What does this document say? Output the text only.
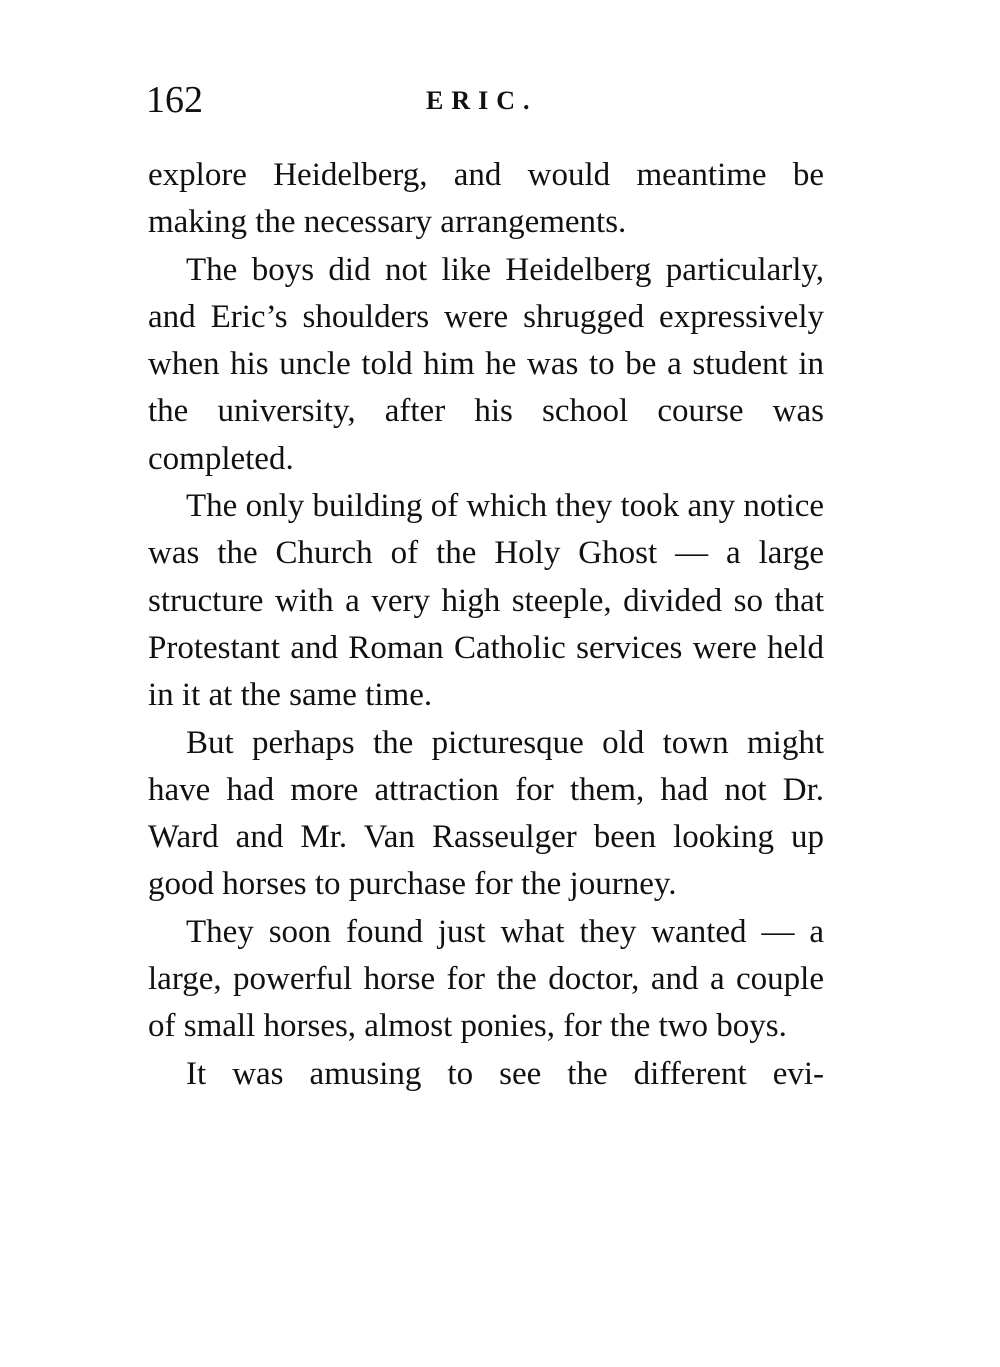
162	ERIC.

explore Heidelberg, and would meantime be making the necessary arrangements.

The boys did not like Heidelberg particularly, and Eric’s shoulders were shrugged expressively when his uncle told him he was to be a student in the university, after his school course was completed.

The only building of which they took any notice was the Church of the Holy Ghost — a large structure with a very high steeple, divided so that Protestant and Roman Catholic services were held in it at the same time.

But perhaps the picturesque old town might have had more attraction for them, had not Dr. Ward and Mr. Van Rasseulger been looking up good horses to purchase for the journey.

They soon found just what they wanted — a large, powerful horse for the doctor, and a couple of small horses, almost ponies, for the two boys.

It was amusing to see the different evi-
